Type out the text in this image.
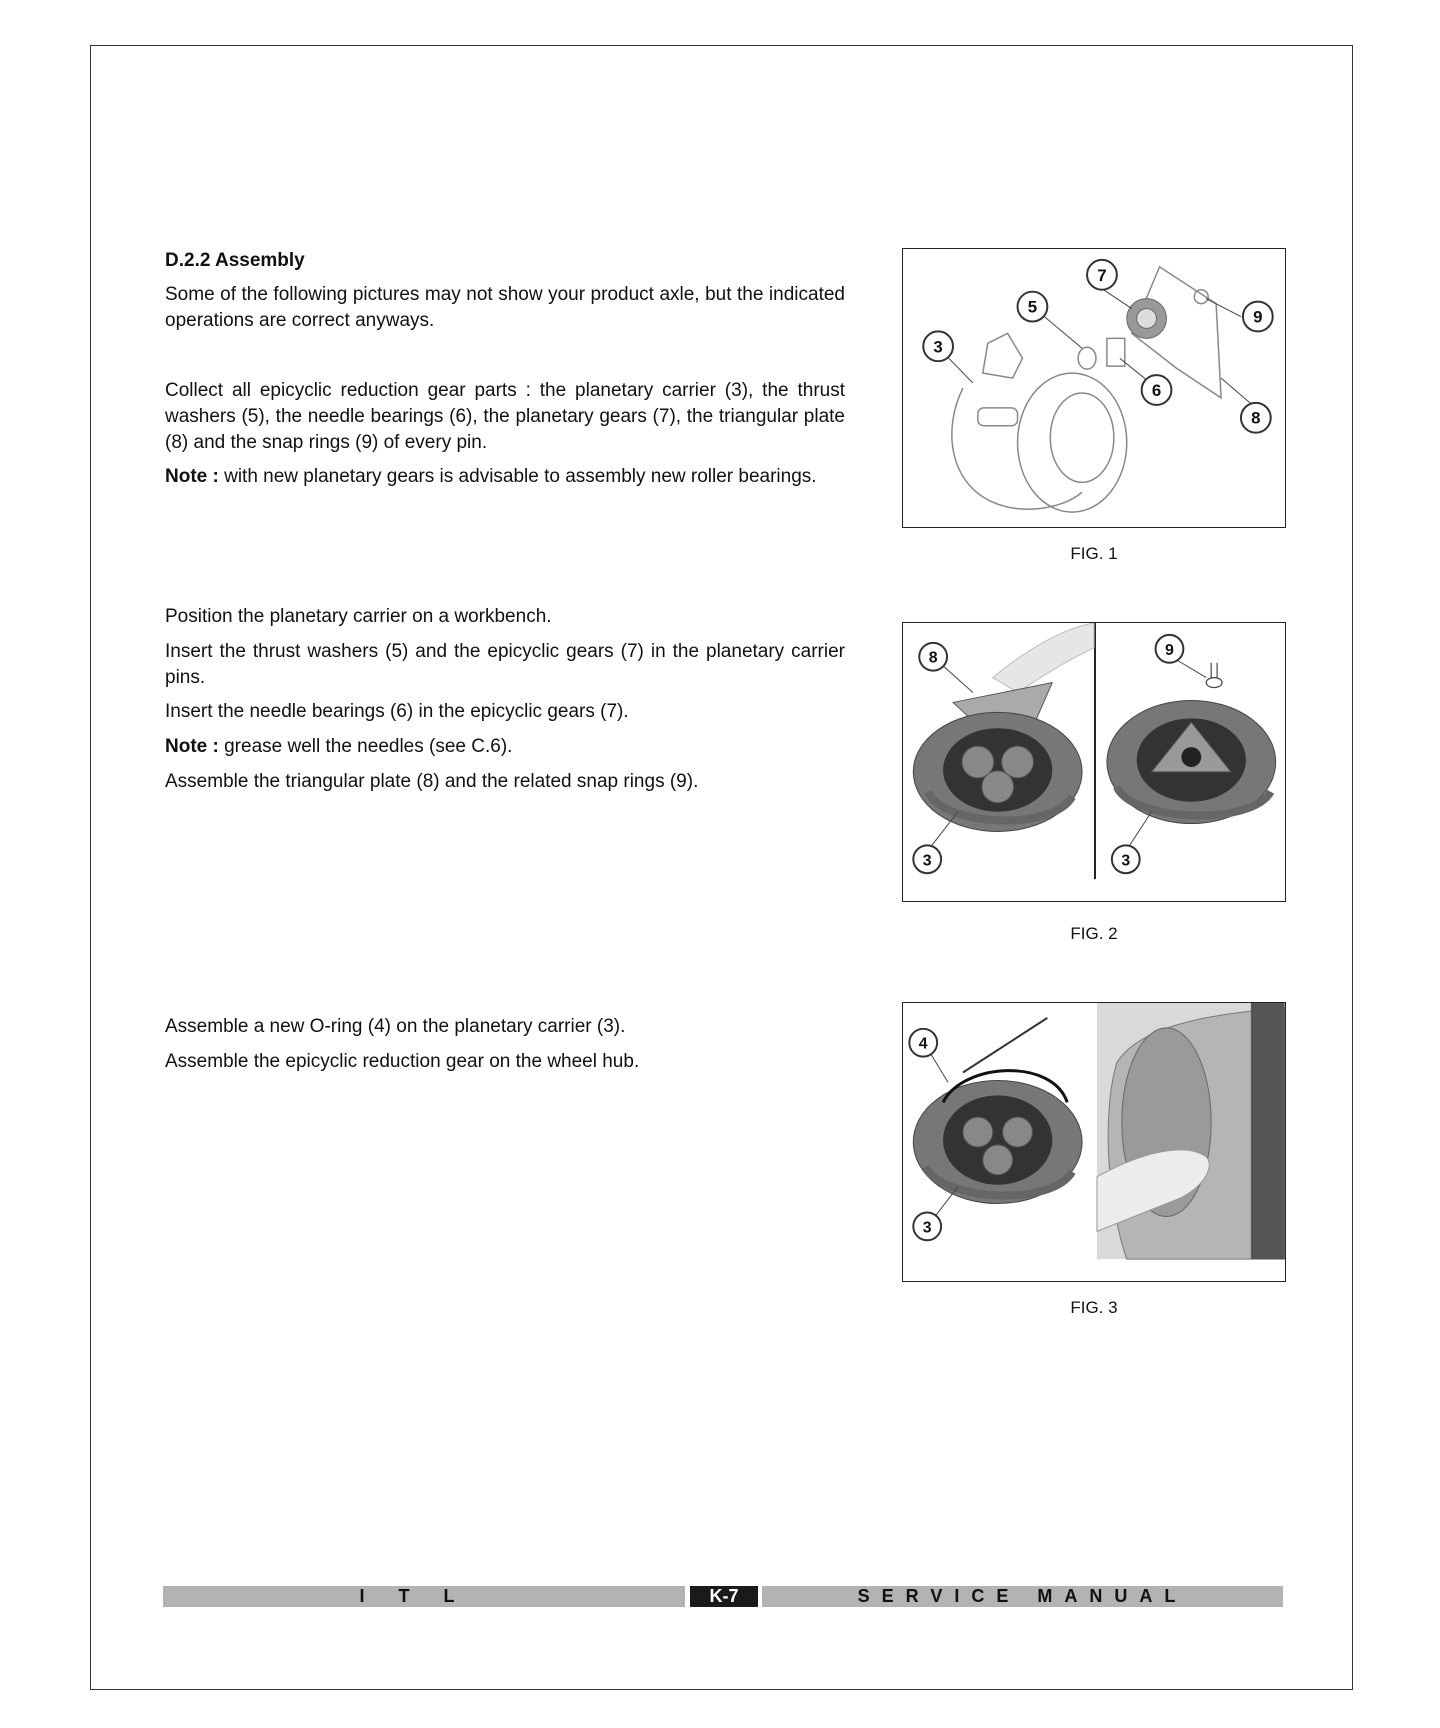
D.2.2 Assembly

Some of the following pictures may not show your product axle, but the indicated operations are correct anyways.

Collect all epicyclic reduction gear parts : the planetary carrier (3), the thrust washers (5), the needle bearings (6), the planetary gears (7), the triangular plate (8) and the snap rings (9) of every pin.

Note : with new planetary gears is advisable to assembly new roller bearings.

Position the planetary carrier on a workbench.

Insert the thrust washers (5) and the epicyclic gears (7) in the planetary carrier pins.

Insert the needle bearings (6) in the epicyclic gears (7).

Note : grease well the needles (see C.6).

Assemble the triangular plate (8) and the related snap rings (9).

Assemble a new O-ring (4) on the planetary carrier (3).

Assemble the epicyclic reduction gear on the wheel hub.

3
5
7
6
9
8

FIG. 1

8
3
9
3

FIG. 2

4
3

FIG. 3

ITL	K-7	SERVICE MANUAL
